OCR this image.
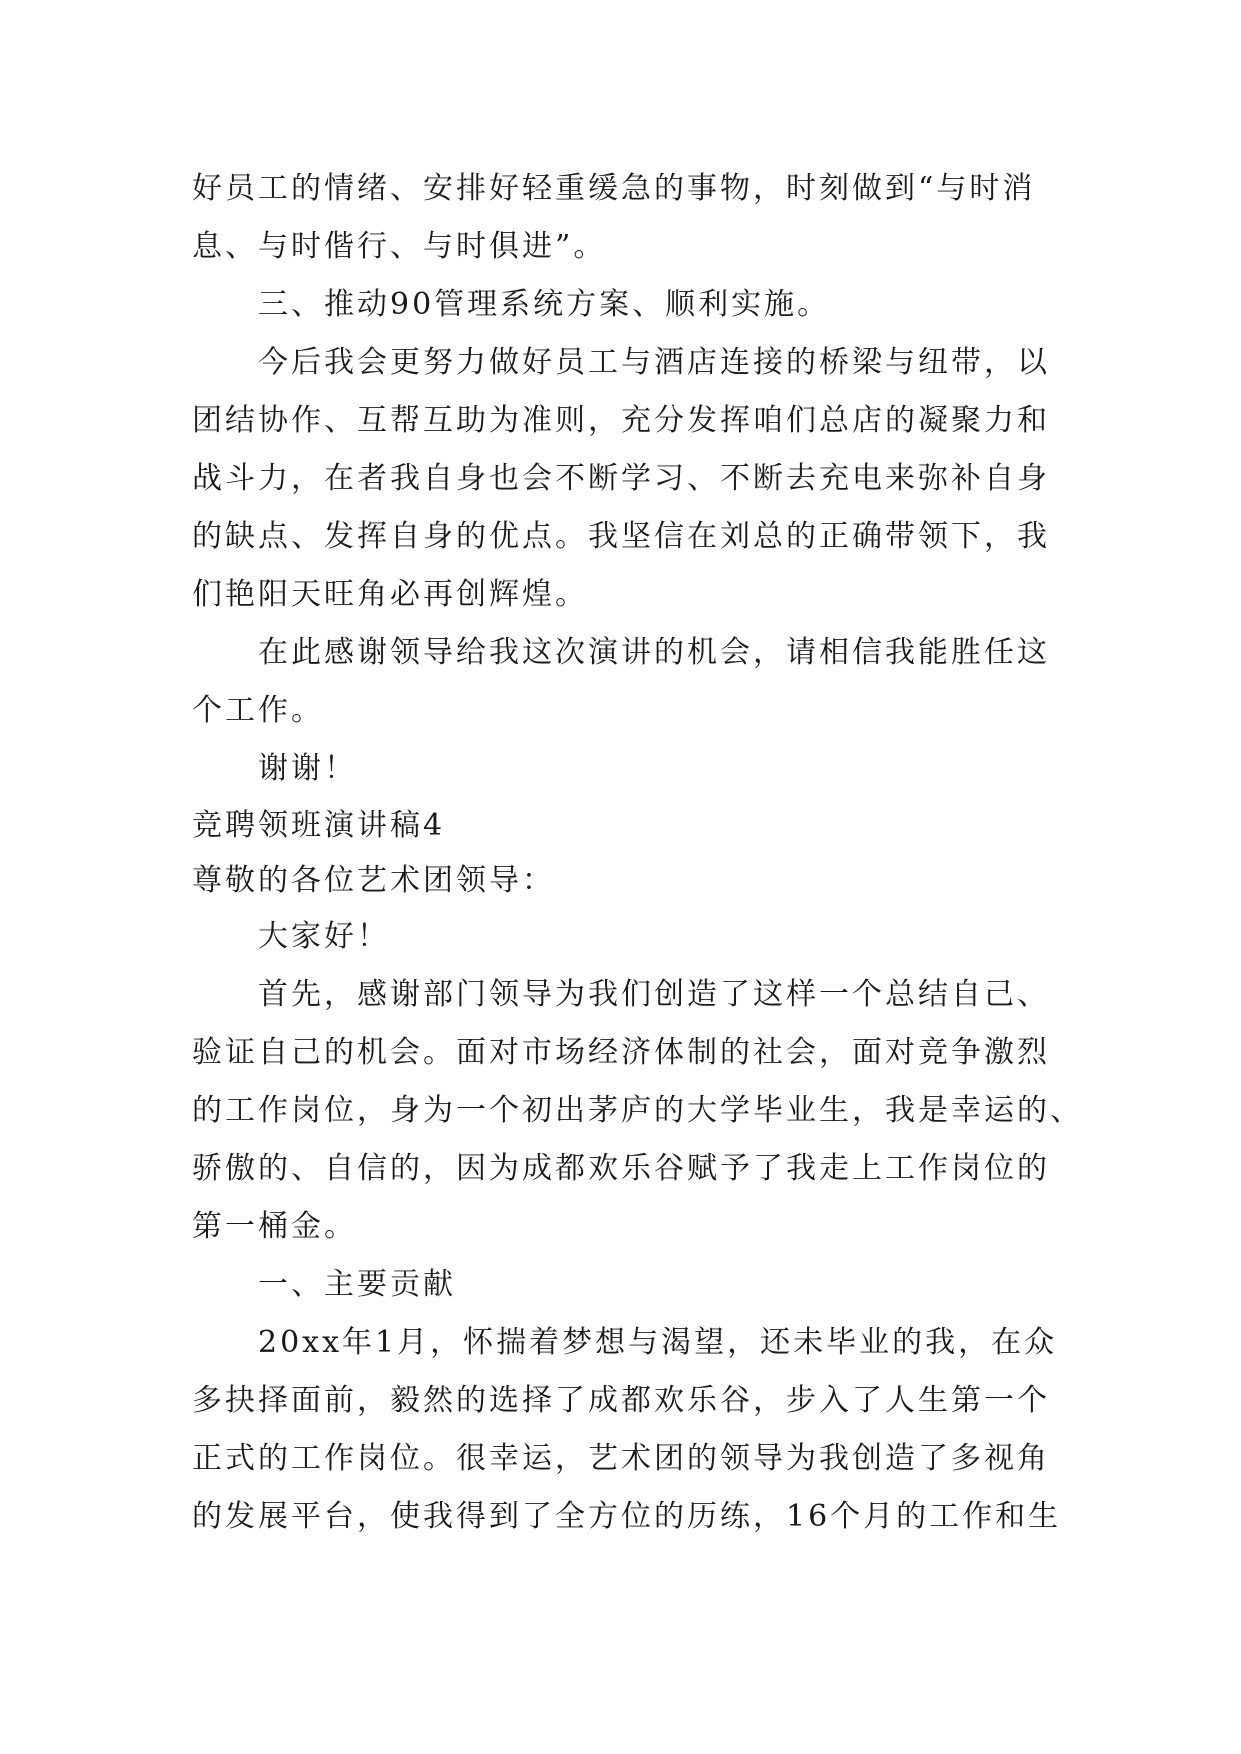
好员工的情绪、安排好轻重缓急的事物，时刻做到“与时消
息、与时偕行、与时俱进”。
三、推动90管理系统方案、顺利实施。
今后我会更努力做好员工与酒店连接的桥梁与纽带，以
团结协作、互帮互助为准则，充分发挥咱们总店的凝聚力和
战斗力，在者我自身也会不断学习、不断去充电来弥补自身
的缺点、发挥自身的优点。我坚信在刘总的正确带领下，我
们艳阳天旺角必再创辉煌。
在此感谢领导给我这次演讲的机会，请相信我能胜任这
个工作。
谢谢！
竞聘领班演讲稿4
尊敬的各位艺术团领导：
大家好！
首先，感谢部门领导为我们创造了这样一个总结自己、
验证自己的机会。面对市场经济体制的社会，面对竞争激烈
的工作岗位，身为一个初出茅庐的大学毕业生，我是幸运的、
骄傲的、自信的，因为成都欢乐谷赋予了我走上工作岗位的
第一桶金。
一、主要贡献
20xx年1月，怀揣着梦想与渴望，还未毕业的我，在众
多抉择面前，毅然的选择了成都欢乐谷，步入了人生第一个
正式的工作岗位。很幸运，艺术团的领导为我创造了多视角
的发展平台，使我得到了全方位的历练，16个月的工作和生
